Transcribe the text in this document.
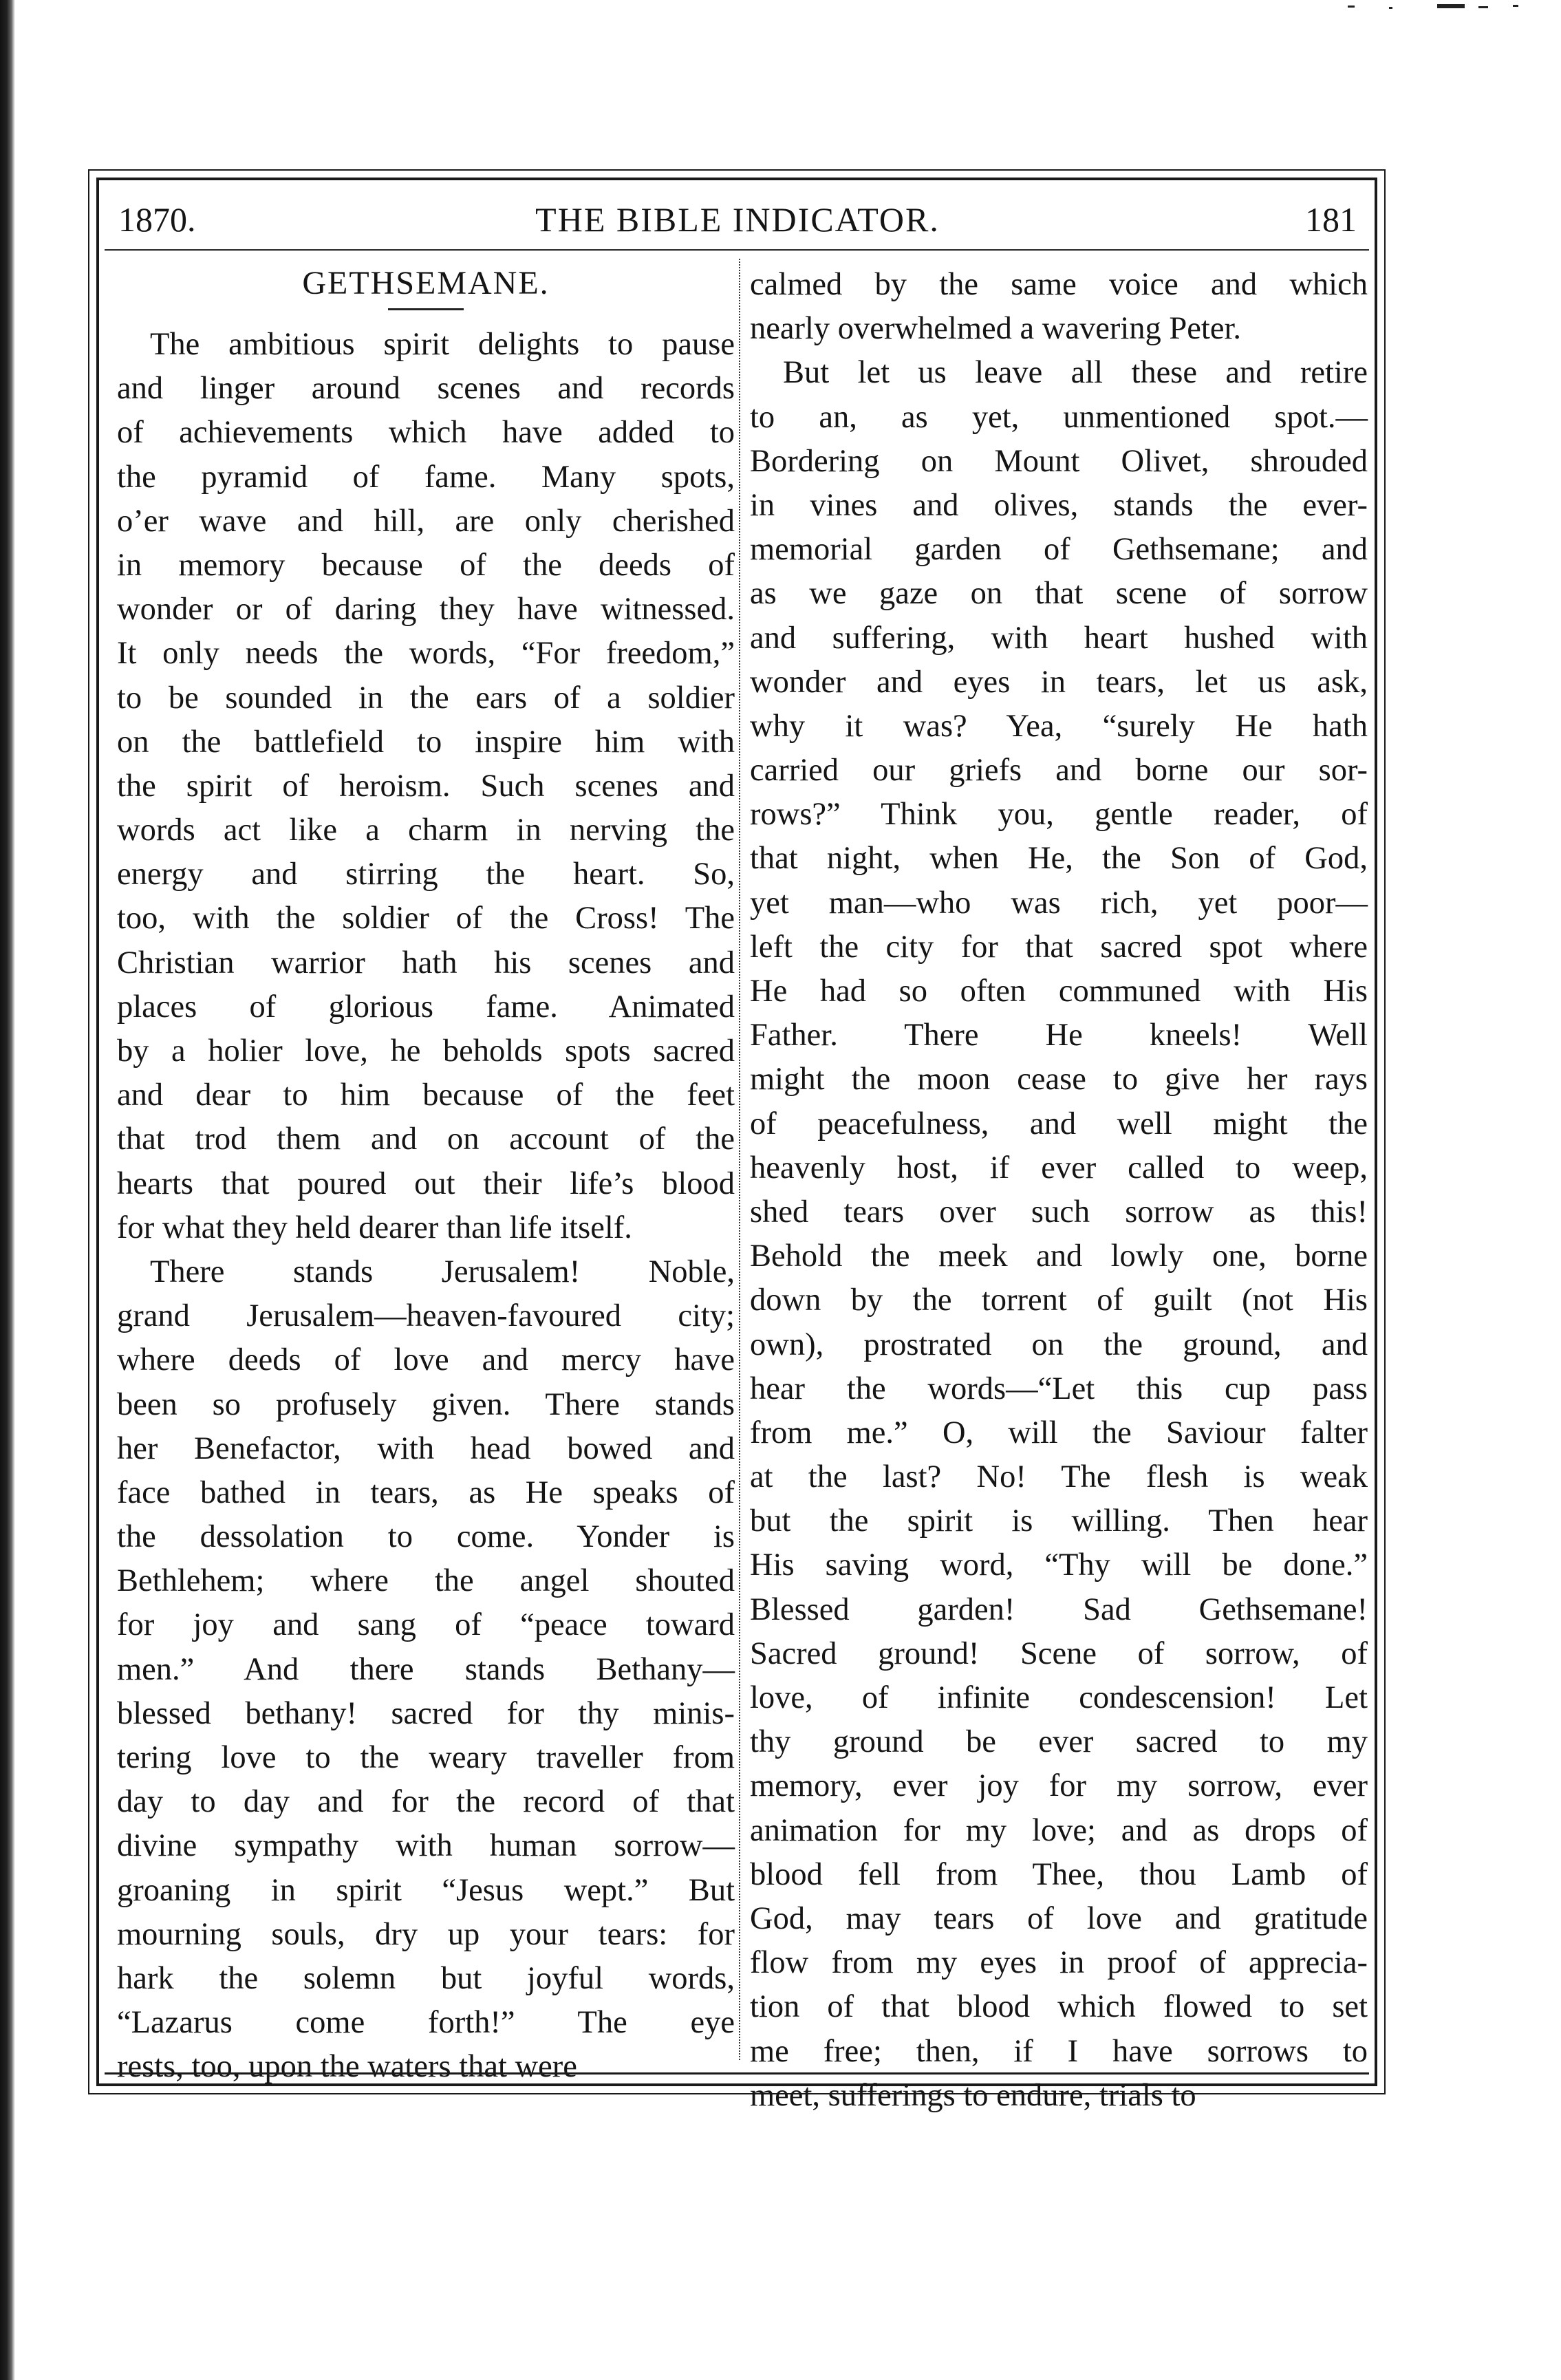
1870.	THE BIBLE INDICATOR.	181
GETHSEMANE.
The ambitious spirit delights to pause
and linger around scenes and records
of achievements which have added to
the pyramid of fame. Many spots,
o’er wave and hill, are only cherished
in memory because of the deeds of
wonder or of daring they have witnessed.
It only needs the words, “For freedom,”
to be sounded in the ears of a soldier
on the battlefield to inspire him with
the spirit of heroism. Such scenes and
words act like a charm in nerving the
energy and stirring the heart. So,
too, with the soldier of the Cross! The
Christian warrior hath his scenes and
places of glorious fame. Animated
by a holier love, he beholds spots sacred
and dear to him because of the feet
that trod them and on account of the
hearts that poured out their life’s blood
for what they held dearer than life itself.
There stands Jerusalem! Noble,
grand Jerusalem—heaven-favoured city;
where deeds of love and mercy have
been so profusely given. There stands
her Benefactor, with head bowed and
face bathed in tears, as He speaks of
the dessolation to come. Yonder is
Bethlehem; where the angel shouted
for joy and sang of “peace toward
men.” And there stands Bethany—
blessed bethany! sacred for thy minis-
tering love to the weary traveller from
day to day and for the record of that
divine sympathy with human sorrow—
groaning in spirit “Jesus wept.” But
mourning souls, dry up your tears: for
hark the solemn but joyful words,
“Lazarus come forth!” The eye
rests, too, upon the waters that were
calmed by the same voice and which
nearly overwhelmed a wavering Peter.
But let us leave all these and retire
to an, as yet, unmentioned spot.—
Bordering on Mount Olivet, shrouded
in vines and olives, stands the ever-
memorial garden of Gethsemane; and
as we gaze on that scene of sorrow
and suffering, with heart hushed with
wonder and eyes in tears, let us ask,
why it was? Yea, “surely He hath
carried our griefs and borne our sor-
rows?” Think you, gentle reader, of
that night, when He, the Son of God,
yet man—who was rich, yet poor—
left the city for that sacred spot where
He had so often communed with His
Father. There He kneels! Well
might the moon cease to give her rays
of peacefulness, and well might the
heavenly host, if ever called to weep,
shed tears over such sorrow as this!
Behold the meek and lowly one, borne
down by the torrent of guilt (not His
own), prostrated on the ground, and
hear the words—“Let this cup pass
from me.” O, will the Saviour falter
at the last? No! The flesh is weak
but the spirit is willing. Then hear
His saving word, “Thy will be done.”
Blessed garden! Sad Gethsemane!
Sacred ground! Scene of sorrow, of
love, of infinite condescension! Let
thy ground be ever sacred to my
memory, ever joy for my sorrow, ever
animation for my love; and as drops of
blood fell from Thee, thou Lamb of
God, may tears of love and gratitude
flow from my eyes in proof of apprecia-
tion of that blood which flowed to set
me free; then, if I have sorrows to
meet, sufferings to endure, trials to
